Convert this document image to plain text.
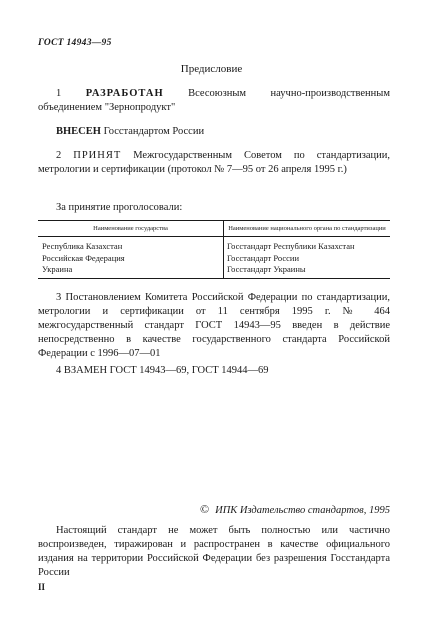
ГОСТ 14943—95
Предисловие
1 РАЗРАБОТАН Всесоюзным научно-производственным объединением "Зернопродукт"
ВНЕСЕН Госстандартом России
2 ПРИНЯТ Межгосударственным Советом по стандартизации, метрологии и сертификации (протокол № 7—95 от 26 апреля 1995 г.)
За принятие проголосовали:
Наименование государства	Наименование национального органа по стандартизации
Республика Казахстан	Госстандарт Республики Казахстан
Российская Федерация	Госстандарт России
Украина	Госстандарт Украины
3 Постановлением Комитета Российской Федерации по стандартизации, метрологии и сертификации от 11 сентября 1995 г. № 464 межгосударственный стандарт ГОСТ 14943—95 введен в действие непосредственно в качестве государственного стандарта Российской Федерации с 1996—07—01
4 ВЗАМЕН ГОСТ 14943—69, ГОСТ 14944—69
© ИПК Издательство стандартов, 1995
Настоящий стандарт не может быть полностью или частично воспроизведен, тиражирован и распространен в качестве официального издания на территории Российской Федерации без разрешения Госстандарта России
II
